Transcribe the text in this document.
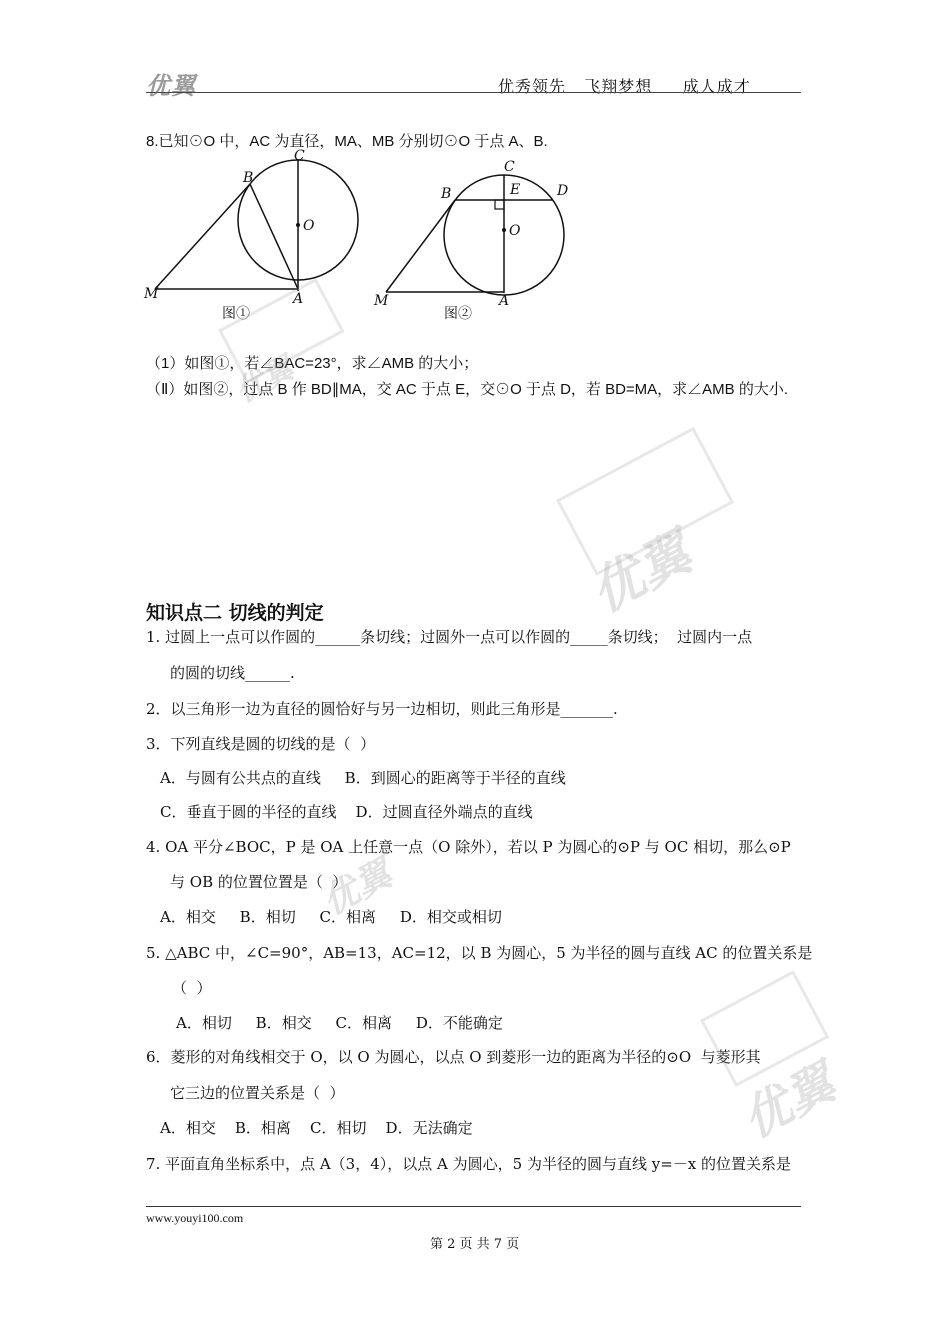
优翼	优秀领先   飞翔梦想     成人成才
8.已知⊙O 中，AC 为直径，MA、MB 分别切⊙O 于点 A、B.
C
B
O
M	A
图①
C
E
B	D
O
M	A
图②
（1）如图①，若∠BAC=23°，求∠AMB 的大小；
（Ⅱ）如图②，过点 B 作 BD∥MA，交 AC 于点 E，交⊙O 于点 D，若 BD=MA，求∠AMB 的大小.
知识点二 切线的判定
1. 过圆上一点可以作圆的______条切线；过圆外一点可以作圆的_____条切线；  过圆内一点
的圆的切线______.
2．以三角形一边为直径的圆恰好与另一边相切，则此三角形是_______.
3．下列直线是圆的切线的是（  ）
A．与圆有公共点的直线     B．到圆心的距离等于半径的直线
C．垂直于圆的半径的直线    D．过圆直径外端点的直线
4. OA 平分∠BOC，P 是 OA 上任意一点（O 除外），若以 P 为圆心的⊙P 与 OC 相切，那么⊙P
与 OB 的位置位置是（  ）
A．相交     B．相切     C．相离     D．相交或相切
5. △ABC 中，∠C=90°，AB=13，AC=12，以 B 为圆心，5 为半径的圆与直线 AC 的位置关系是
（  ）
A．相切     B．相交     C．相离     D．不能确定
6．菱形的对角线相交于 O，以 O 为圆心，以点 O 到菱形一边的距离为半径的⊙O  与菱形其
它三边的位置关系是（  ）
A．相交    B．相离    C．相切    D．无法确定
7. 平面直角坐标系中，点 A（3，4），以点 A 为圆心，5 为半径的圆与直线 y=－x 的位置关系是
优翼
优翼
优翼
优翼
www.youyi100.com
第 2 页 共 7 页
